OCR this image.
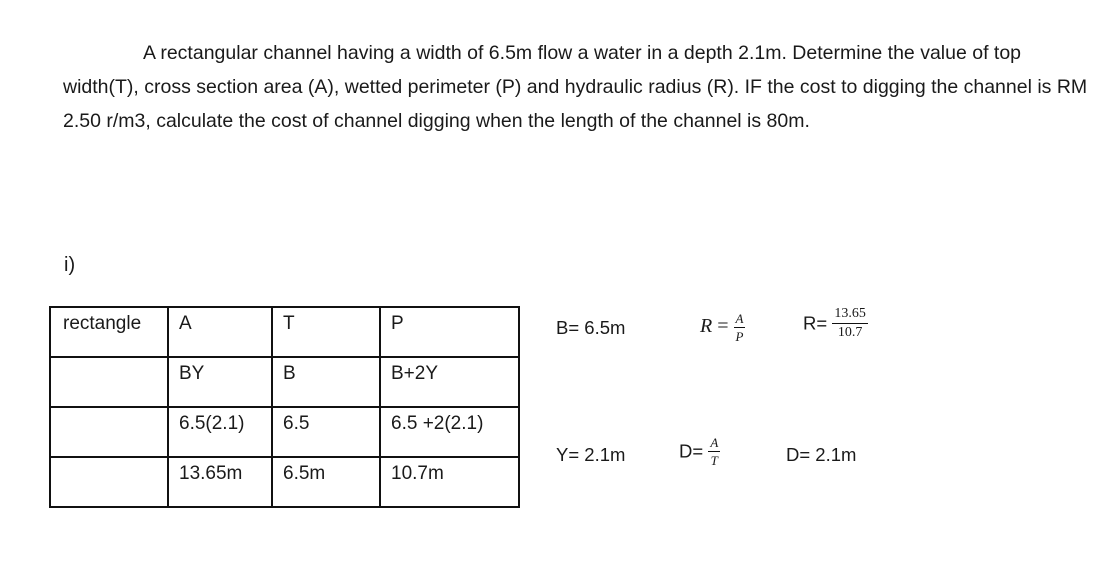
A rectangular channel having a width of 6.5m flow a water in a depth 2.1m. Determine the value of top width(T), cross section area (A), wetted perimeter (P) and hydraulic radius (R). IF the cost to digging the channel is RM 2.50 r/m3, calculate the cost of channel digging when the length of the channel is 80m.

i)
rectangle	A	T	P
	BY	B	B+2Y
	6.5(2.1)	6.5	6.5 +2(2.1)
	13.65m	6.5m	10.7m
B= 6.5m	$R = \frac{A}{P}$	$R= \frac{13.65}{10.7}$
Y= 2.1m	$D= \frac{A}{T}$	D= 2.1m
